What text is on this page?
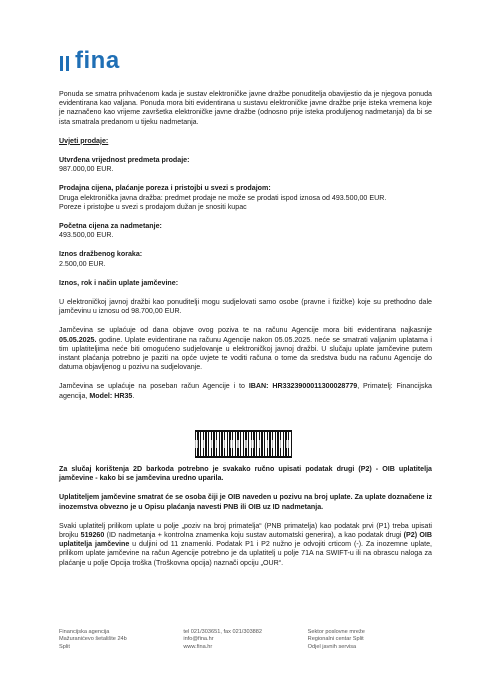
fina

Ponuda se smatra prihvaćenom kada je sustav elektroničke javne dražbe ponuditelja obavijestio da je njegova ponuda evidentirana kao valjana. Ponuda mora biti evidentirana u sustavu elektroničke javne dražbe prije isteka vremena koje je naznačeno kao vrijeme završetka elektroničke javne dražbe (odnosno prije isteka produljenog nadmetanja) da bi se ista smatrala predanom u tijeku nadmetanja.

Uvjeti prodaje:

Utvrđena vrijednost predmeta prodaje:

987.000,00 EUR.

Prodajna cijena, plaćanje poreza i pristojbi u svezi s prodajom:

Druga elektronička javna dražba: predmet prodaje ne može se prodati ispod iznosa od 493.500,00 EUR.

Poreze i pristojbe u svezi s prodajom dužan je snositi kupac

Početna cijena za nadmetanje:

493.500,00 EUR.

Iznos dražbenog koraka:

2.500,00 EUR.

Iznos, rok i način uplate jamčevine:

U elektroničkoj javnoj dražbi kao ponuditelji mogu sudjelovati samo osobe (pravne i fizičke) koje su prethodno dale jamčevinu u iznosu od 98.700,00 EUR.

Jamčevina se uplaćuje od dana objave ovog poziva te na računu Agencije mora biti evidentirana najkasnije 05.05.2025. godine. Uplate evidentirane na računu Agencije nakon 05.05.2025. neće se smatrati valjanim uplatama i tim uplatiteljima neće biti omogućeno sudjelovanje u elektroničkoj javnoj dražbi. U slučaju uplate jamčevine putem instant plaćanja potrebno je paziti na opće uvjete te voditi računa o tome da sredstva budu na računu Agencije do datuma objavljenog u pozivu na sudjelovanje.

Jamčevina se uplaćuje na poseban račun Agencije i to IBAN: HR3323900011300028779, Primatelj: Financijska agencija, Model: HR35.

Za slučaj korištenja 2D barkoda potrebno je svakako ručno upisati podatak drugi (P2) - OIB uplatitelja jamčevine - kako bi se jamčevina uredno uparila.

Uplatiteljem jamčevine smatrat će se osoba čiji je OIB naveden u pozivu na broj uplate. Za uplate doznačene iz inozemstva obvezno je u Opisu plaćanja navesti PNB ili OIB uz ID nadmetanja.

Svaki uplatitelj prilikom uplate u polje „poziv na broj primatelja“ (PNB primatelja) kao podatak prvi (P1) treba upisati brojku 519260 (ID nadmetanja + kontrolna znamenka koju sustav automatski generira), a kao podatak drugi (P2) OIB uplatitelja jamčevine u duljini od 11 znamenki. Podatak P1 i P2 nužno je odvojiti crticom (-). Za inozemne uplate, prilikom uplate jamčevine na račun Agencije potrebno je da uplatitelj u polje 71A na SWIFT-u ili na obrascu naloga za plaćanje u polje Opcija troška (Troškovna opcija) naznači opciju „OUR“.

Financijska agencija
Mažuranićevo šetalište 24b
Split
tel 021/303651, fax 021/303882
info@fina.hr
www.fina.hr
Sektor poslovne mreže
Regionalni centar Split
Odjel javnih servisa
